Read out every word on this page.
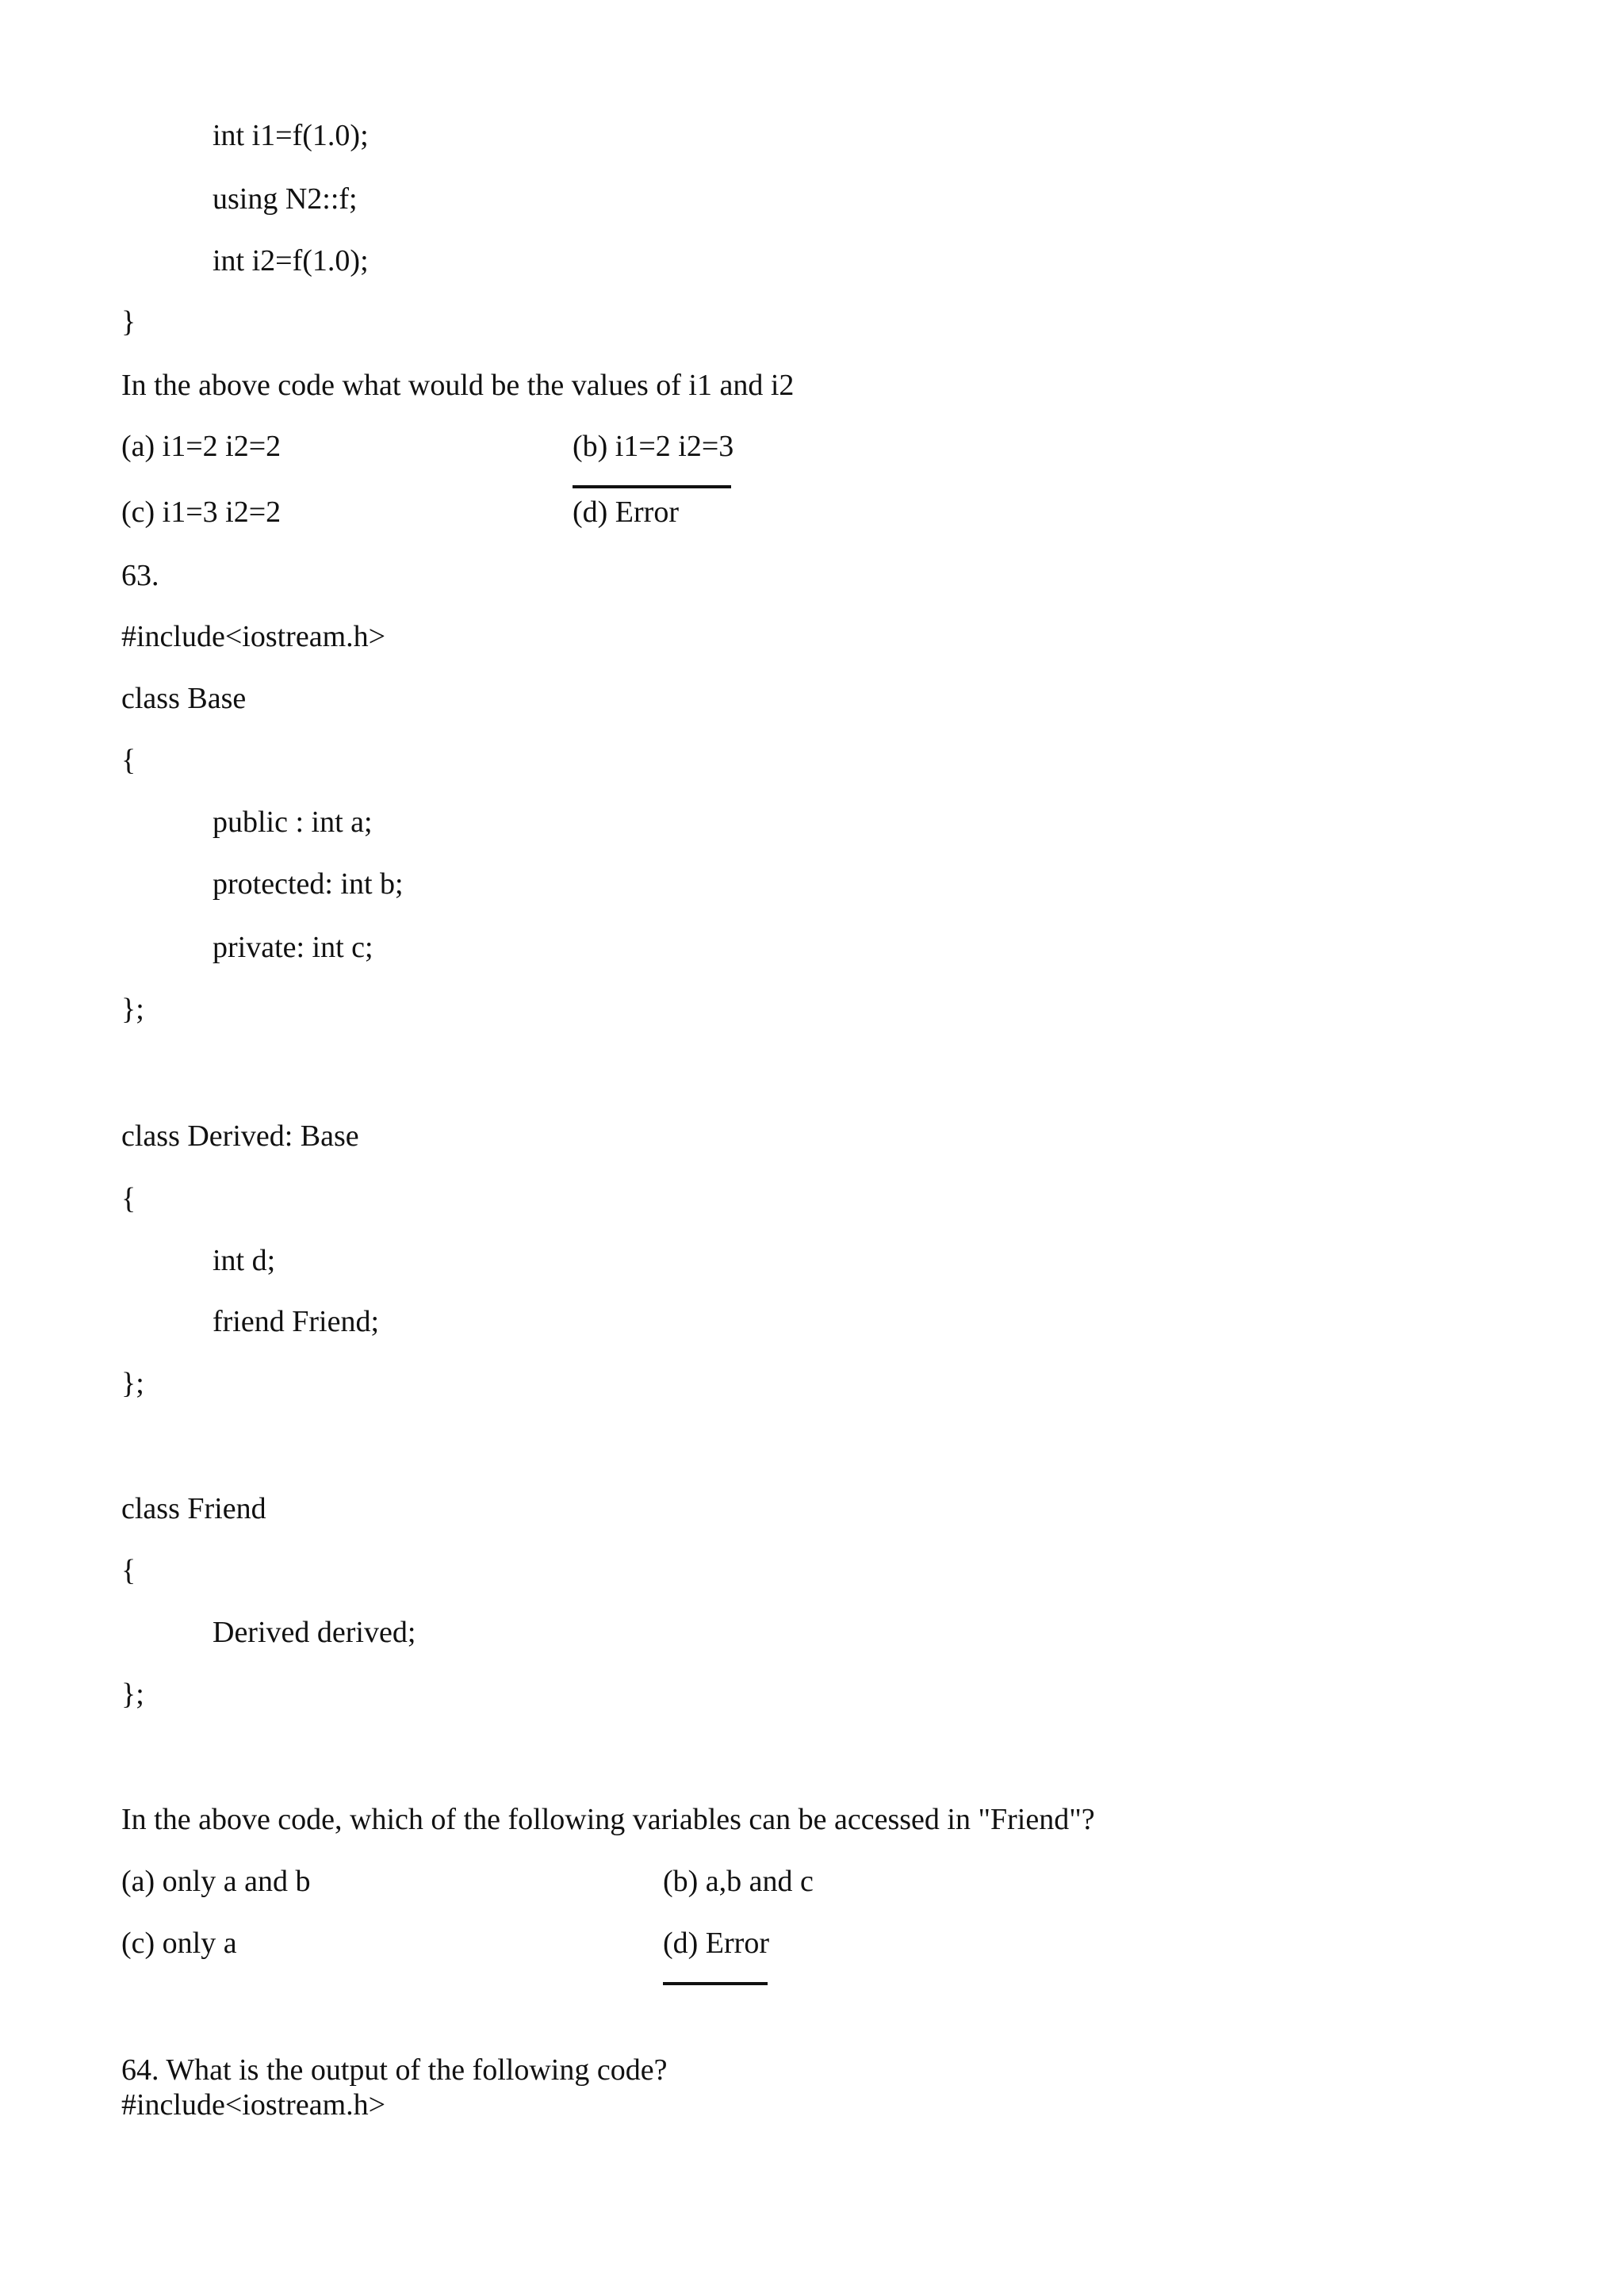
int i1=f(1.0);
using N2::f;
int i2=f(1.0);
}
In the above code what would be the values of i1 and i2
(a) i1=2 i2=2	(b) i1=2 i2=3
(c) i1=3 i2=2	(d) Error
63.
#include<iostream.h>
class Base
{
public : int a;
protected: int b;
private: int c;
};
class Derived: Base
{
int d;
friend Friend;
};
class Friend
{
Derived derived;
};
In the above code, which of the following variables can be accessed in "Friend"?
(a) only a and b	(b) a,b and c
(c) only a	(d) Error
64. What is the output of the following code?
#include<iostream.h>
